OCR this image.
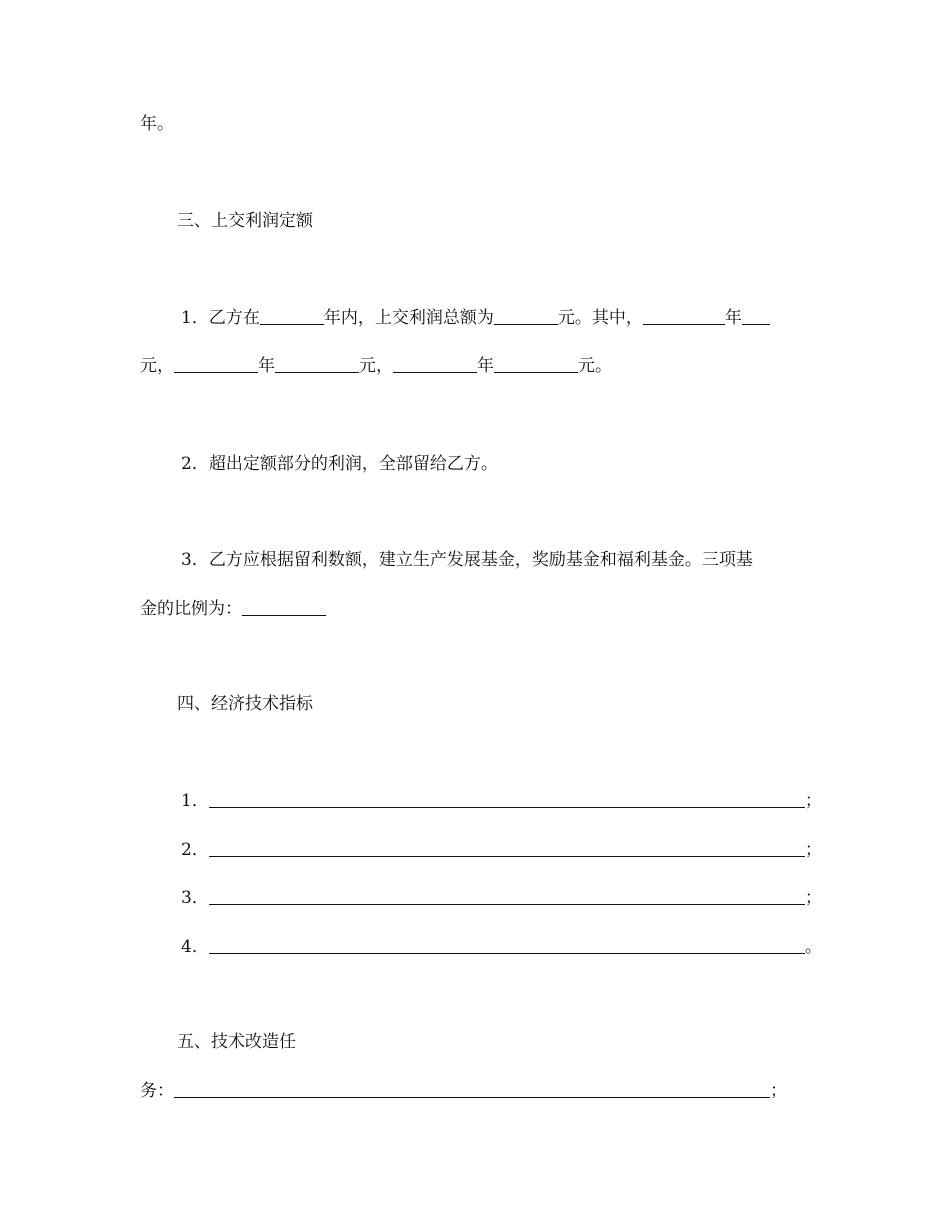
年。
三、上交利润定额
1．乙方在	年内，上交利润总额为	元。其中，	年
元，	年	元，	年	元。
2．超出定额部分的利润，全部留给乙方。
3．乙方应根据留利数额，建立生产发展基金，奖励基金和福利基金。三项基
金的比例为：
四、经济技术指标
1．	；
2．	；
3．	；
4．	。
五、技术改造任
务：	；
